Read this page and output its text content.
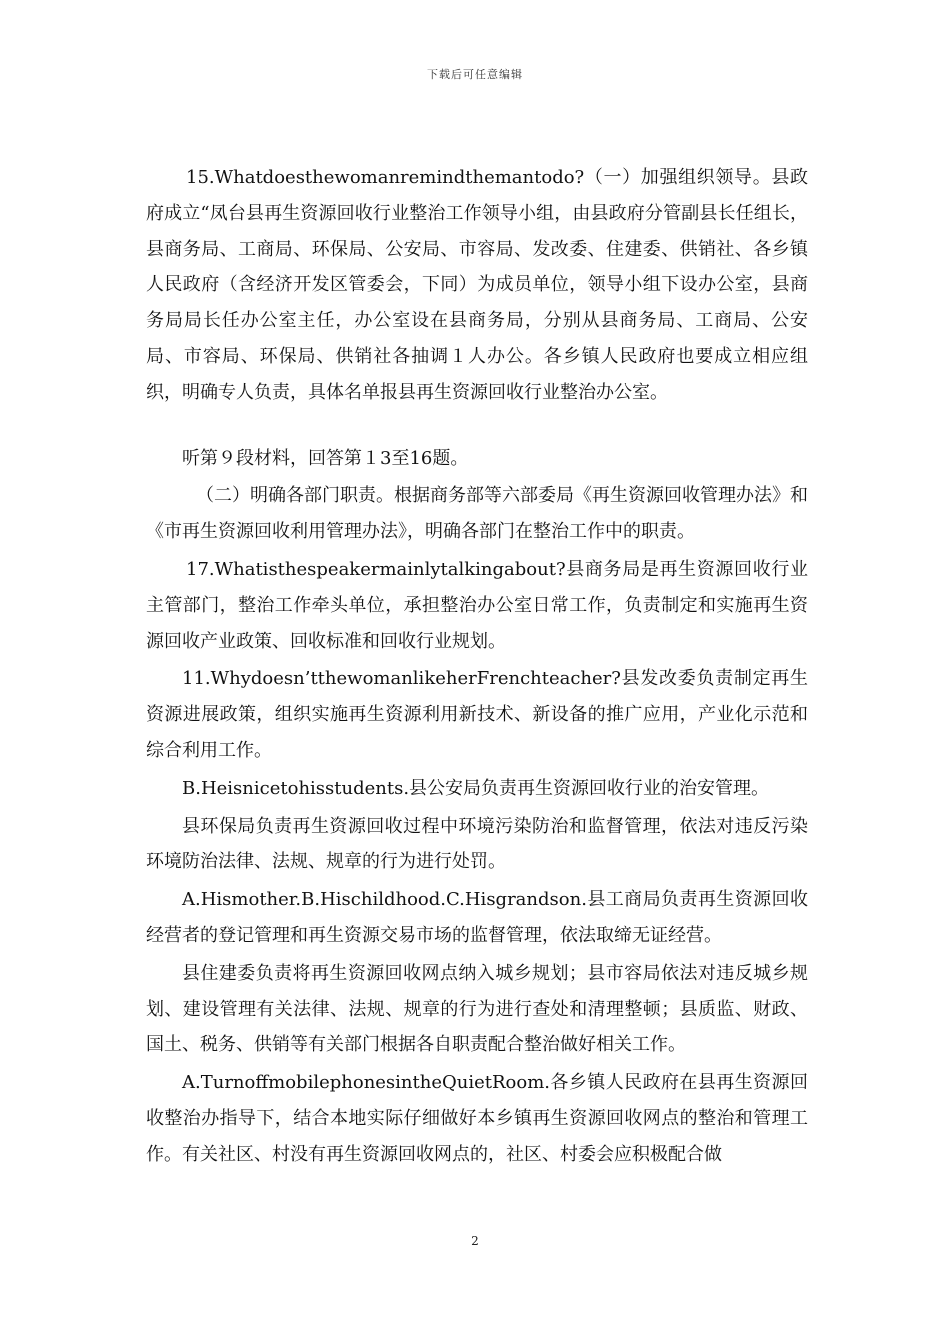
下载后可任意编辑

15.Whatdoesthewomanremindthemantodo?（一）加强组织领导。县政府成立“凤台县再生资源回收行业整治工作领导小组，由县政府分管副县长任组长，县商务局、工商局、环保局、公安局、市容局、发改委、住建委、供销社、各乡镇人民政府（含经济开发区管委会，下同）为成员单位，领导小组下设办公室，县商务局局长任办公室主任，办公室设在县商务局，分别从县商务局、工商局、公安局、市容局、环保局、供销社各抽调１人办公。各乡镇人民政府也要成立相应组织，明确专人负责，具体名单报县再生资源回收行业整治办公室。

听第９段材料，回答第１3至16题。

（二）明确各部门职责。根据商务部等六部委局《再生资源回收管理办法》和《市再生资源回收利用管理办法》，明确各部门在整治工作中的职责。

17.Whatisthespeakermainlytalkingabout?县商务局是再生资源回收行业主管部门，整治工作牵头单位，承担整治办公室日常工作，负责制定和实施再生资源回收产业政策、回收标准和回收行业规划。

11.Whydoesn’tthewomanlikeherFrenchteacher?县发改委负责制定再生资源进展政策，组织实施再生资源利用新技术、新设备的推广应用，产业化示范和综合利用工作。

B.Heisnicetohisstudents.县公安局负责再生资源回收行业的治安管理。

县环保局负责再生资源回收过程中环境污染防治和监督管理，依法对违反污染环境防治法律、法规、规章的行为进行处罚。

A.Hismother.B.Hischildhood.C.Hisgrandson.县工商局负责再生资源回收经营者的登记管理和再生资源交易市场的监督管理，依法取缔无证经营。

县住建委负责将再生资源回收网点纳入城乡规划；县市容局依法对违反城乡规划、建设管理有关法律、法规、规章的行为进行查处和清理整顿；县质监、财政、国土、税务、供销等有关部门根据各自职责配合整治做好相关工作。

A.TurnoffmobilephonesintheQuietRoom.各乡镇人民政府在县再生资源回收整治办指导下，结合本地实际仔细做好本乡镇再生资源回收网点的整治和管理工作。有关社区、村没有再生资源回收网点的，社区、村委会应积极配合做

2
